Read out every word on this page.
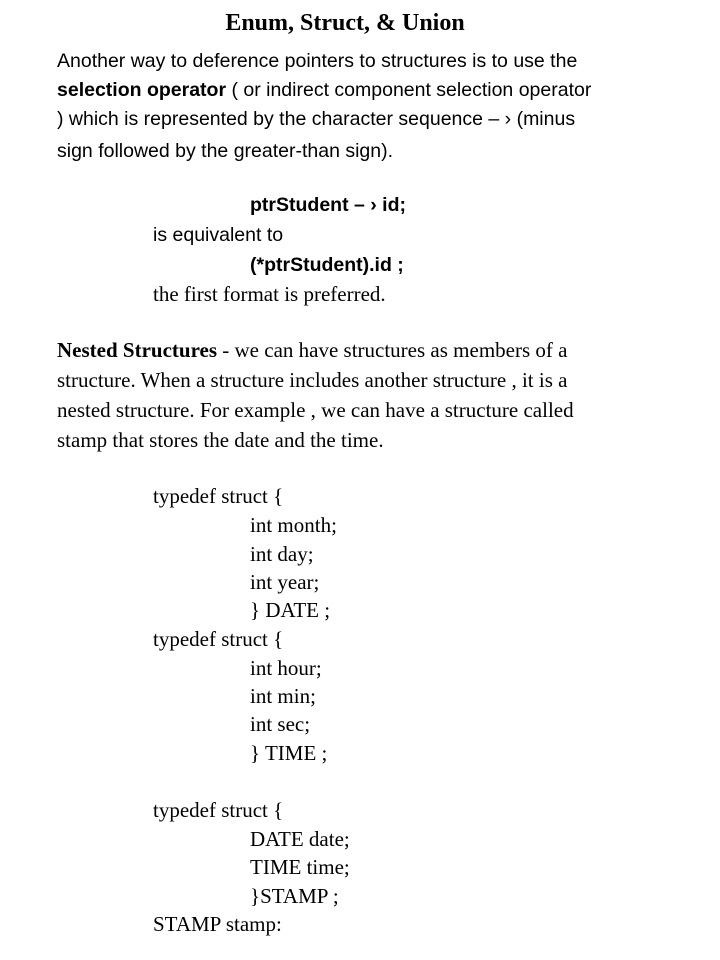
Enum, Struct, & Union
Another way to deference pointers to structures is to use the
selection operator ( or indirect component selection operator
) which is represented by the character sequence – › (minus
sign followed by the greater-than sign).
ptrStudent – › id;
is equivalent to
(*ptrStudent).id ;
the first format is preferred.
Nested Structures - we can have structures as members of a
structure. When a structure includes another structure , it is a
nested structure. For example , we can have a structure called
stamp that stores the date and the time.
typedef struct {
int month;
int day;
int year;
} DATE ;
typedef struct {
int hour;
int min;
int sec;
} TIME ;
typedef struct {
DATE date;
TIME time;
}STAMP ;
STAMP stamp:
